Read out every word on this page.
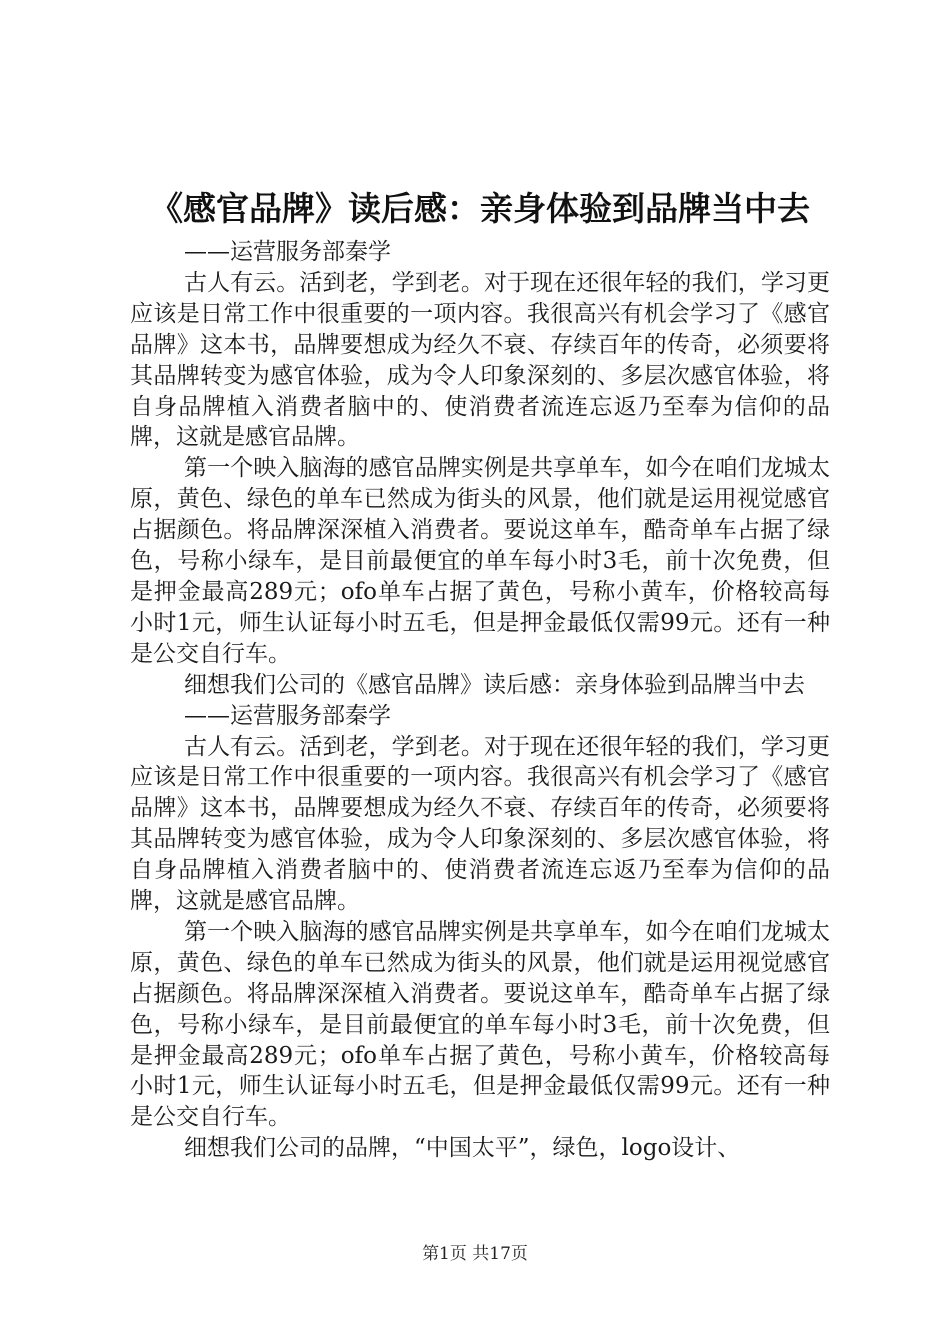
《感官品牌》读后感：亲身体验到品牌当中去

——运营服务部秦学

古人有云。活到老，学到老。对于现在还很年轻的我们，学习更应该是日常工作中很重要的一项内容。我很高兴有机会学习了《感官品牌》这本书，品牌要想成为经久不衰、存续百年的传奇，必须要将其品牌转变为感官体验，成为令人印象深刻的、多层次感官体验，将自身品牌植入消费者脑中的、使消费者流连忘返乃至奉为信仰的品牌，这就是感官品牌。

第一个映入脑海的感官品牌实例是共享单车，如今在咱们龙城太原，黄色、绿色的单车已然成为街头的风景，他们就是运用视觉感官占据颜色。将品牌深深植入消费者。要说这单车，酷奇单车占据了绿色，号称小绿车，是目前最便宜的单车每小时3毛，前十次免费，但是押金最高289元；ofo单车占据了黄色，号称小黄车，价格较高每小时1元，师生认证每小时五毛，但是押金最低仅需99元。还有一种是公交自行车。

细想我们公司的《感官品牌》读后感：亲身体验到品牌当中去

——运营服务部秦学

古人有云。活到老，学到老。对于现在还很年轻的我们，学习更应该是日常工作中很重要的一项内容。我很高兴有机会学习了《感官品牌》这本书，品牌要想成为经久不衰、存续百年的传奇，必须要将其品牌转变为感官体验，成为令人印象深刻的、多层次感官体验，将自身品牌植入消费者脑中的、使消费者流连忘返乃至奉为信仰的品牌，这就是感官品牌。

第一个映入脑海的感官品牌实例是共享单车，如今在咱们龙城太原，黄色、绿色的单车已然成为街头的风景，他们就是运用视觉感官占据颜色。将品牌深深植入消费者。要说这单车，酷奇单车占据了绿色，号称小绿车，是目前最便宜的单车每小时3毛，前十次免费，但是押金最高289元；ofo单车占据了黄色，号称小黄车，价格较高每小时1元，师生认证每小时五毛，但是押金最低仅需99元。还有一种是公交自行车。

细想我们公司的品牌，“中国太平”，绿色，logo设计、

第1页 共17页
